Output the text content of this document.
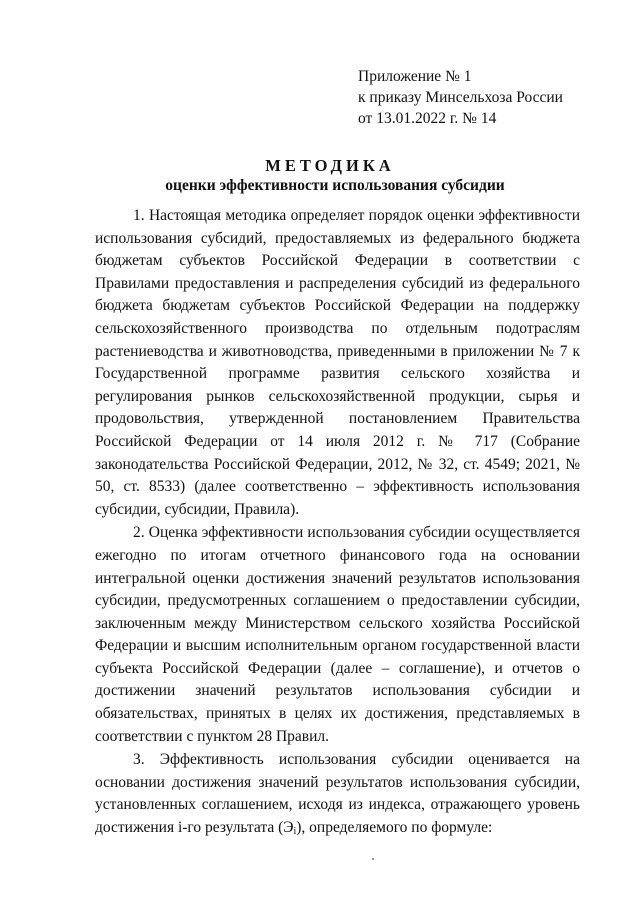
Приложение № 1
к приказу Минсельхоза России
от 13.01.2022 г. № 14
МЕТОДИКА
оценки эффективности использования субсидии

1. Настоящая методика определяет порядок оценки эффективности использования субсидий, предоставляемых из федерального бюджета бюджетам субъектов Российской Федерации в соответствии с Правилами предоставления и распределения субсидий из федерального бюджета бюджетам субъектов Российской Федерации на поддержку сельскохозяйственного производства по отдельным подотраслям растениеводства и животноводства, приведенными в приложении № 7 к Государственной программе развития сельского хозяйства и регулирования рынков сельскохозяйственной продукции, сырья и продовольствия, утвержденной постановлением Правительства Российской Федерации от 14 июля 2012 г. № 717 (Собрание законодательства Российской Федерации, 2012, № 32, ст. 4549; 2021, № 50, ст. 8533) (далее соответственно – эффективность использования субсидии, субсидии, Правила).

2. Оценка эффективности использования субсидии осуществляется ежегодно по итогам отчетного финансового года на основании интегральной оценки достижения значений результатов использования субсидии, предусмотренных соглашением о предоставлении субсидии, заключенным между Министерством сельского хозяйства Российской Федерации и высшим исполнительным органом государственной власти субъекта Российской Федерации (далее – соглашение), и отчетов о достижении значений результатов использования субсидии и обязательствах, принятых в целях их достижения, представляемых в соответствии с пунктом 28 Правил.

3. Эффективность использования субсидии оценивается на основании достижения значений результатов использования субсидии, установленных соглашением, исходя из индекса, отражающего уровень достижения i-го результата $(Э_i)$, определяемого по формуле:
